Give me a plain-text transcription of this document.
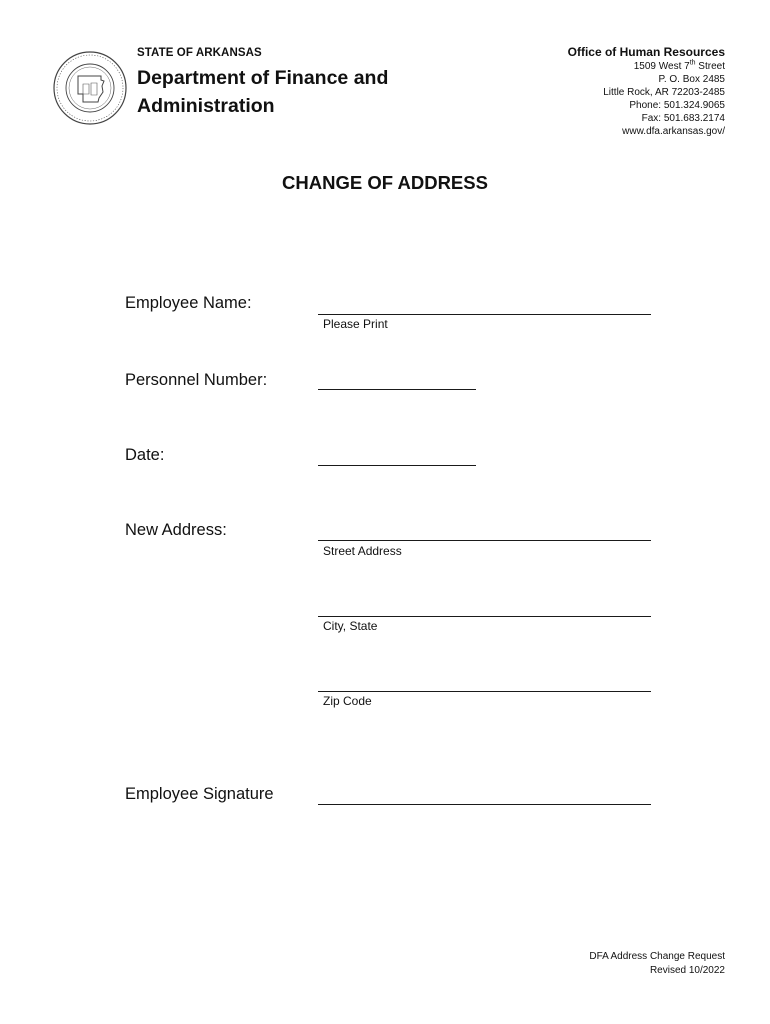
STATE OF ARKANSAS
Department of Finance and Administration
Office of Human Resources
1509 West 7th Street
P. O. Box 2485
Little Rock, AR 72203-2485
Phone: 501.324.9065
Fax: 501.683.2174
www.dfa.arkansas.gov/
CHANGE OF ADDRESS
Employee Name:
Please Print
Personnel Number:
Date:
New Address:
Street Address
City, State
Zip Code
Employee Signature
DFA Address Change Request
Revised 10/2022
